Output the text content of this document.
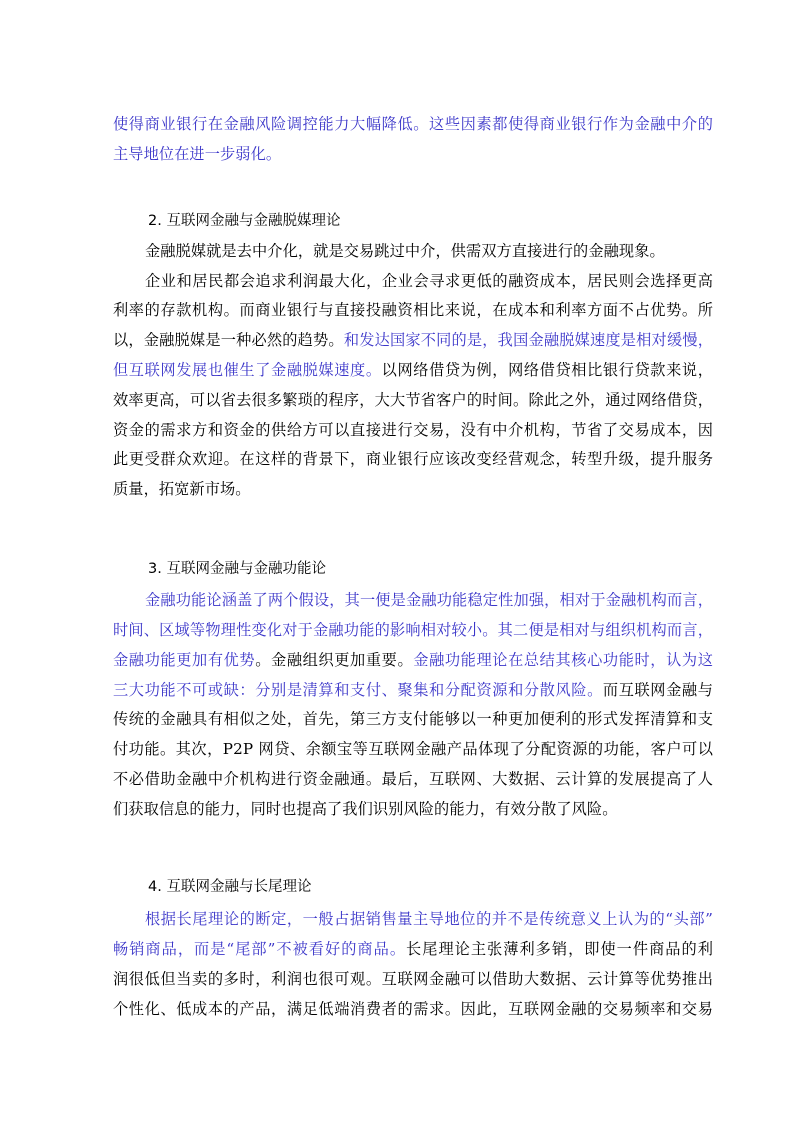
使得商业银行在金融风险调控能力大幅降低。这些因素都使得商业银行作为金融中介的
主导地位在进一步弱化。
2. 互联网金融与金融脱媒理论
金融脱媒就是去中介化，就是交易跳过中介，供需双方直接进行的金融现象。
企业和居民都会追求利润最大化，企业会寻求更低的融资成本，居民则会选择更高
利率的存款机构。而商业银行与直接投融资相比来说，在成本和利率方面不占优势。所
以，金融脱媒是一种必然的趋势。和发达国家不同的是，我国金融脱媒速度是相对缓慢，
但互联网发展也催生了金融脱媒速度。以网络借贷为例，网络借贷相比银行贷款来说，
效率更高，可以省去很多繁琐的程序，大大节省客户的时间。除此之外，通过网络借贷，
资金的需求方和资金的供给方可以直接进行交易，没有中介机构，节省了交易成本，因
此更受群众欢迎。在这样的背景下，商业银行应该改变经营观念，转型升级，提升服务
质量，拓宽新市场。
3. 互联网金融与金融功能论
金融功能论涵盖了两个假设，其一便是金融功能稳定性加强，相对于金融机构而言，
时间、区域等物理性变化对于金融功能的影响相对较小。其二便是相对与组织机构而言，
金融功能更加有优势。金融组织更加重要。金融功能理论在总结其核心功能时，认为这
三大功能不可或缺：分别是清算和支付、聚集和分配资源和分散风险。而互联网金融与
传统的金融具有相似之处，首先，第三方支付能够以一种更加便利的形式发挥清算和支
付功能。其次，P2P 网贷、余额宝等互联网金融产品体现了分配资源的功能，客户可以
不必借助金融中介机构进行资金融通。最后，互联网、大数据、云计算的发展提高了人
们获取信息的能力，同时也提高了我们识别风险的能力，有效分散了风险。
4. 互联网金融与长尾理论
根据长尾理论的断定，一般占据销售量主导地位的并不是传统意义上认为的“头部”
畅销商品，而是“尾部”不被看好的商品。长尾理论主张薄利多销，即使一件商品的利
润很低但当卖的多时，利润也很可观。互联网金融可以借助大数据、云计算等优势推出
个性化、低成本的产品，满足低端消费者的需求。因此，互联网金融的交易频率和交易
